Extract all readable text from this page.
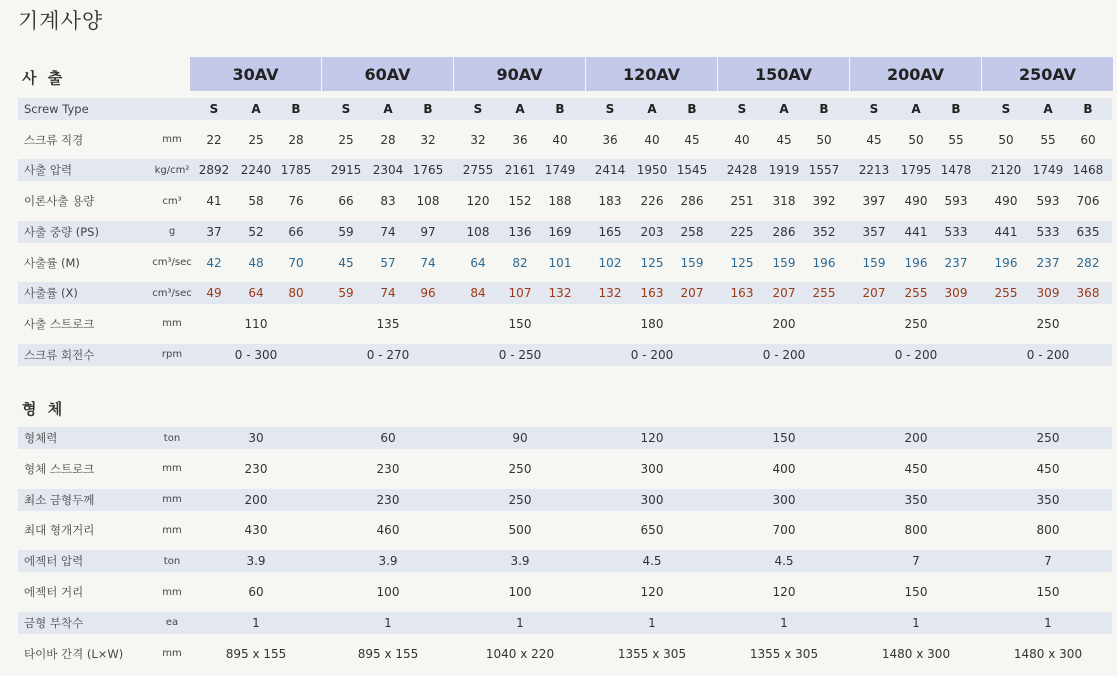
기계사양
사 출
형 체
30AV	60AV	90AV	120AV	150AV	200AV	250AV
Screw Type	S	A	B	S	A	B	S	A	B	S	A	B	S	A	B	S	A	B	S	A	B
스크류 직경	mm	22	25	28	25	28	32	32	36	40	36	40	45	40	45	50	45	50	55	50	55	60
사출 압력	kg/cm² 2892 2240 1785	2915 2304 1765	2755 2161 1749	2414 1950 1545	2428 1919 1557	2213 1795 1478	2120 1749 1468
이론사출 용량	cm³	41	58	76	66	83	108	120	152	188	183	226	286	251	318	392	397	490	593	490	593	706
사출 중량 (PS)	g	37	52	66	59	74	97	108	136	169	165	203	258	225	286	352	357	441	533	441	533	635
사출률 (M)	cm³/sec	42	48	70	45	57	74	64	82	101	102	125	159	125	159	196	159	196	237	196	237	282
사출률 (X)	cm³/sec	49	64	80	59	74	96	84	107	132	132	163	207	163	207	255	207	255	309	255	309	368
사출 스트로크	mm	110	135	150	180	200	250	250
스크류 회전수	rpm	0 - 300	0 - 270	0 - 250	0 - 200	0 - 200	0 - 200	0 - 200
형체력	ton	30	60	90	120	150	200	250
형체 스트로크	mm	230	230	250	300	400	450	450
최소 금형두께	mm	200	230	250	300	300	350	350
최대 형개거리	mm	430	460	500	650	700	800	800
에젝터 압력	ton	3.9	3.9	3.9	4.5	4.5	7	7
에젝터 거리	mm	60	100	100	120	120	150	150
금형 부착수	ea	1	1	1	1	1	1	1
타이바 간격 (L×W)	mm	895 x 155	895 x 155	1040 x 220	1355 x 305	1355 x 305	1480 x 300	1480 x 300
